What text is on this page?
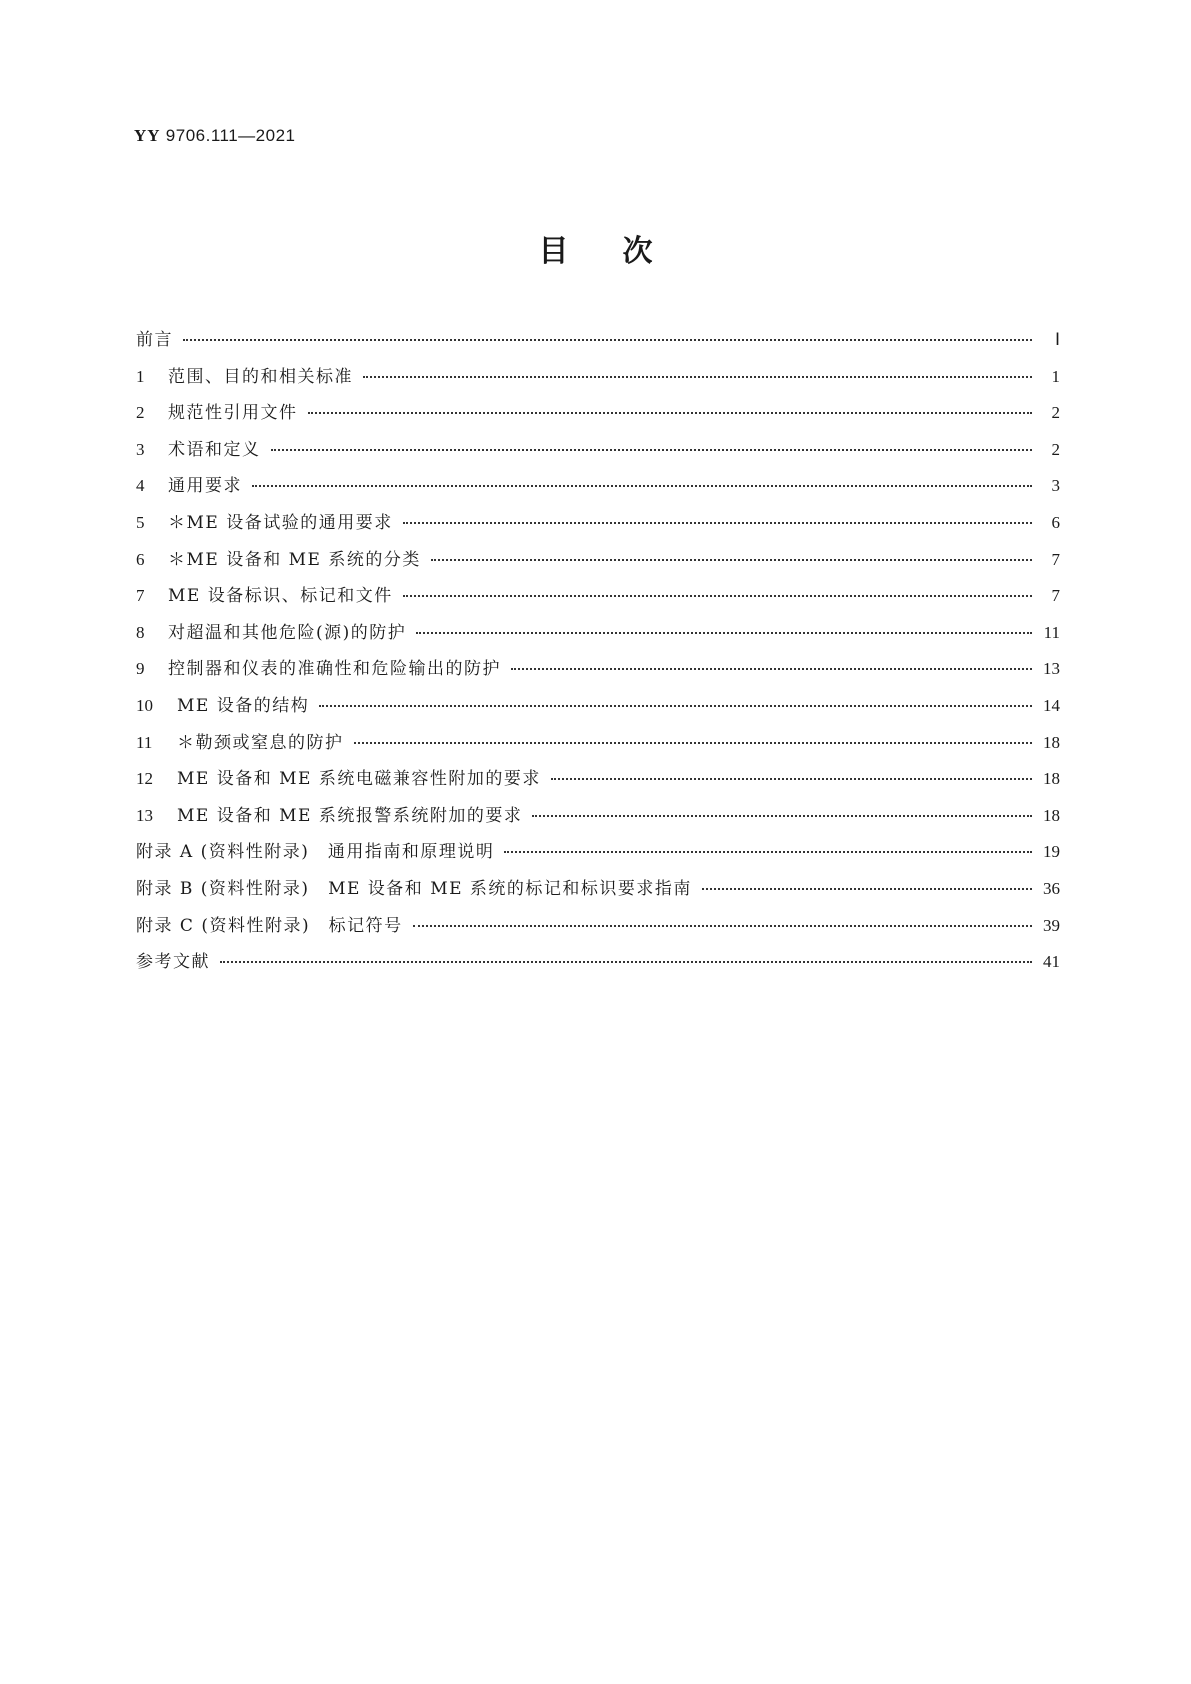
YY 9706.111—2021
目 次
前言	Ⅰ
1	范围、目的和相关标准	1
2	规范性引用文件	2
3	术语和定义	2
4	通用要求	3
5	＊ME 设备试验的通用要求	6
6	＊ME 设备和 ME 系统的分类	7
7	ME 设备标识、标记和文件	7
8	对超温和其他危险(源)的防护	11
9	控制器和仪表的准确性和危险输出的防护	13
10	ME 设备的结构	14
11	＊勒颈或窒息的防护	18
12	ME 设备和 ME 系统电磁兼容性附加的要求	18
13	ME 设备和 ME 系统报警系统附加的要求	18
附录 A (资料性附录)　通用指南和原理说明	19
附录 B (资料性附录)　ME 设备和 ME 系统的标记和标识要求指南	36
附录 C (资料性附录)　标记符号	39
参考文献	41
